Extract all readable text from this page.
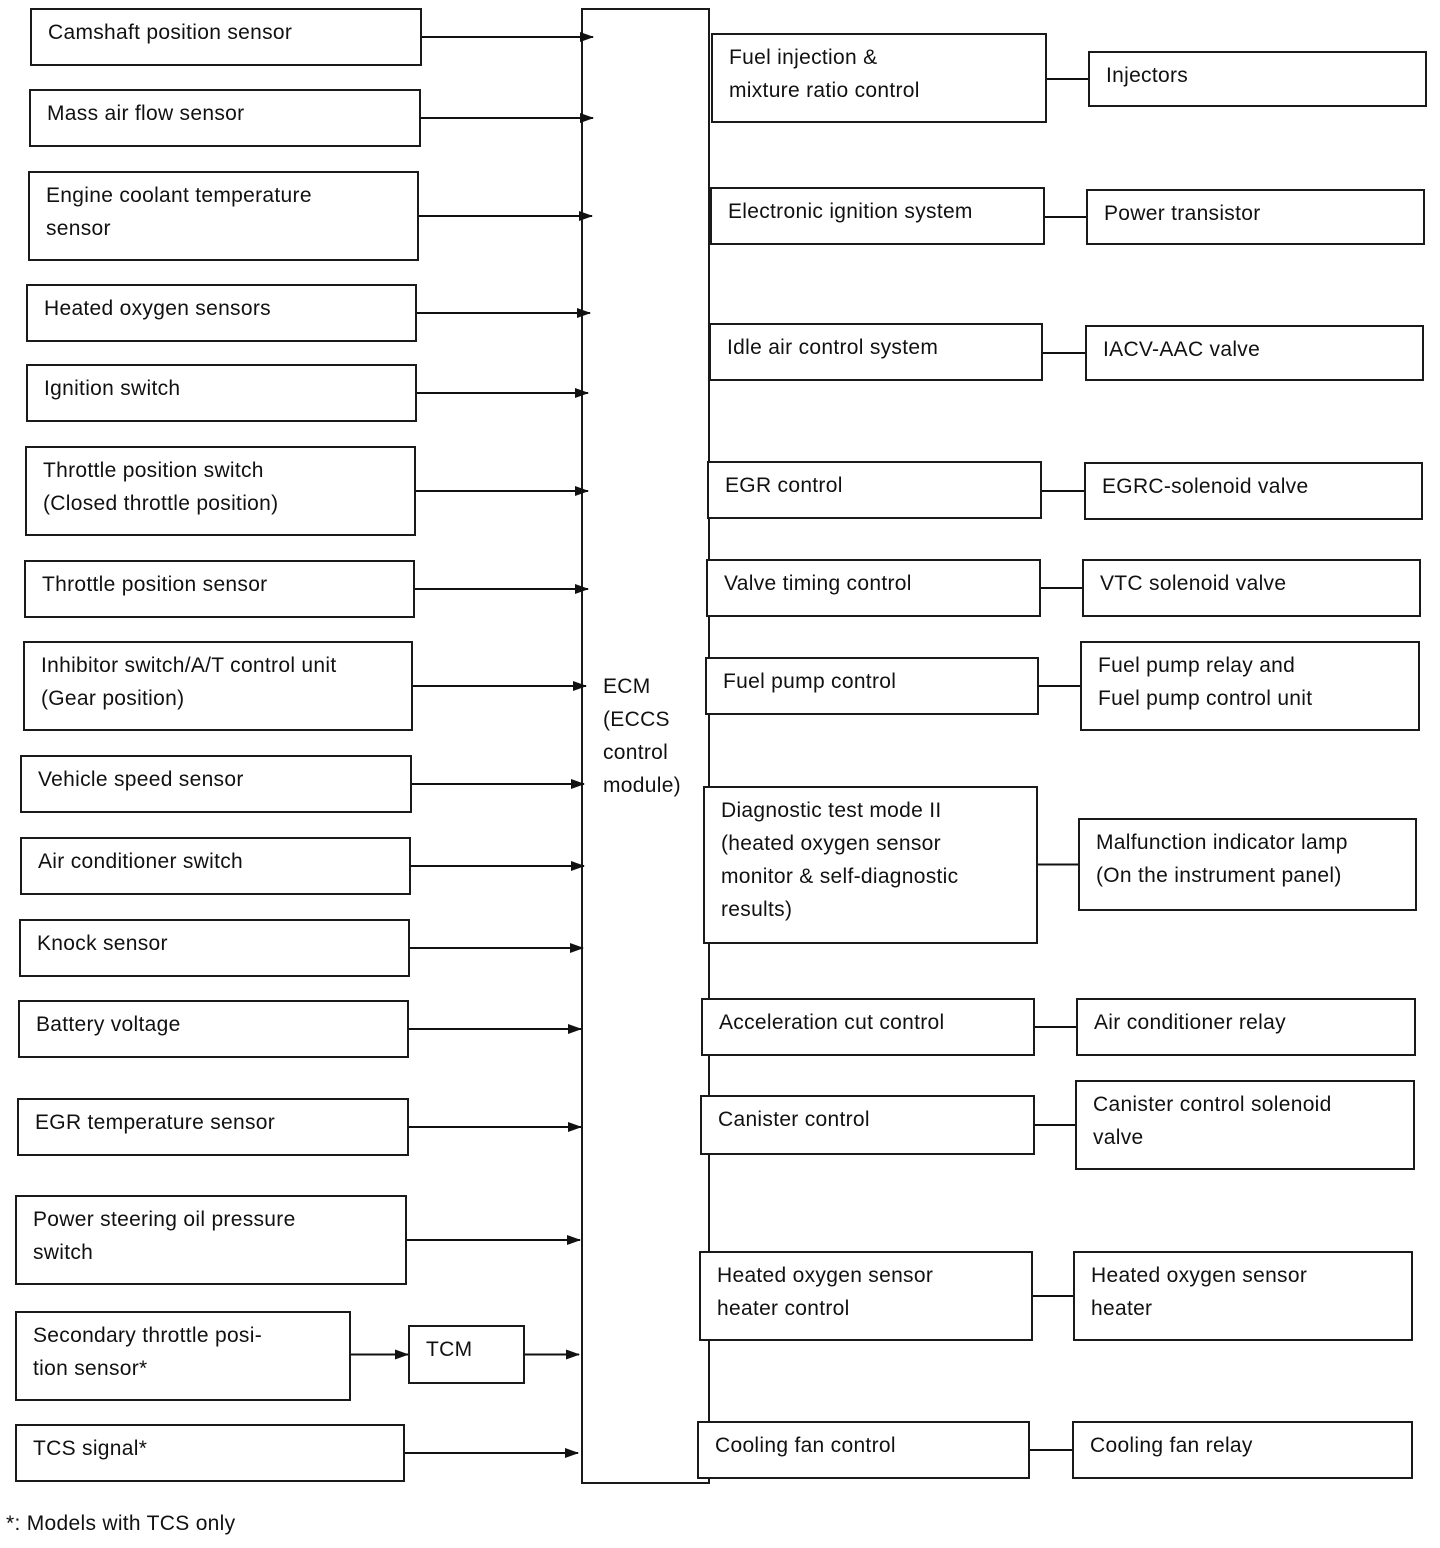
ECM
(ECCS
control
module)
Camshaft position sensor
Mass air flow sensor
Engine coolant temperature
sensor
Heated oxygen sensors
Ignition switch
Throttle position switch
(Closed throttle position)
Throttle position sensor
Inhibitor switch/A/T control unit
(Gear position)
Vehicle speed sensor
Air conditioner switch
Knock sensor
Battery voltage
EGR temperature sensor
Power steering oil pressure
switch
Secondary throttle posi-
tion sensor*
TCS signal*
TCM
Fuel injection &
mixture ratio control
Electronic ignition system
Idle air control system
EGR control
Valve timing control
Fuel pump control
Diagnostic test mode II
(heated oxygen sensor
monitor & self-diagnostic
results)
Acceleration cut control
Canister control
Heated oxygen sensor
heater control
Cooling fan control
Injectors
Power transistor
IACV-AAC valve
EGRC-solenoid valve
VTC solenoid valve
Fuel pump relay and
Fuel pump control unit
Malfunction indicator lamp
(On the instrument panel)
Air conditioner relay
Canister control solenoid
valve
Heated oxygen sensor
heater
Cooling fan relay
*: Models with TCS only
